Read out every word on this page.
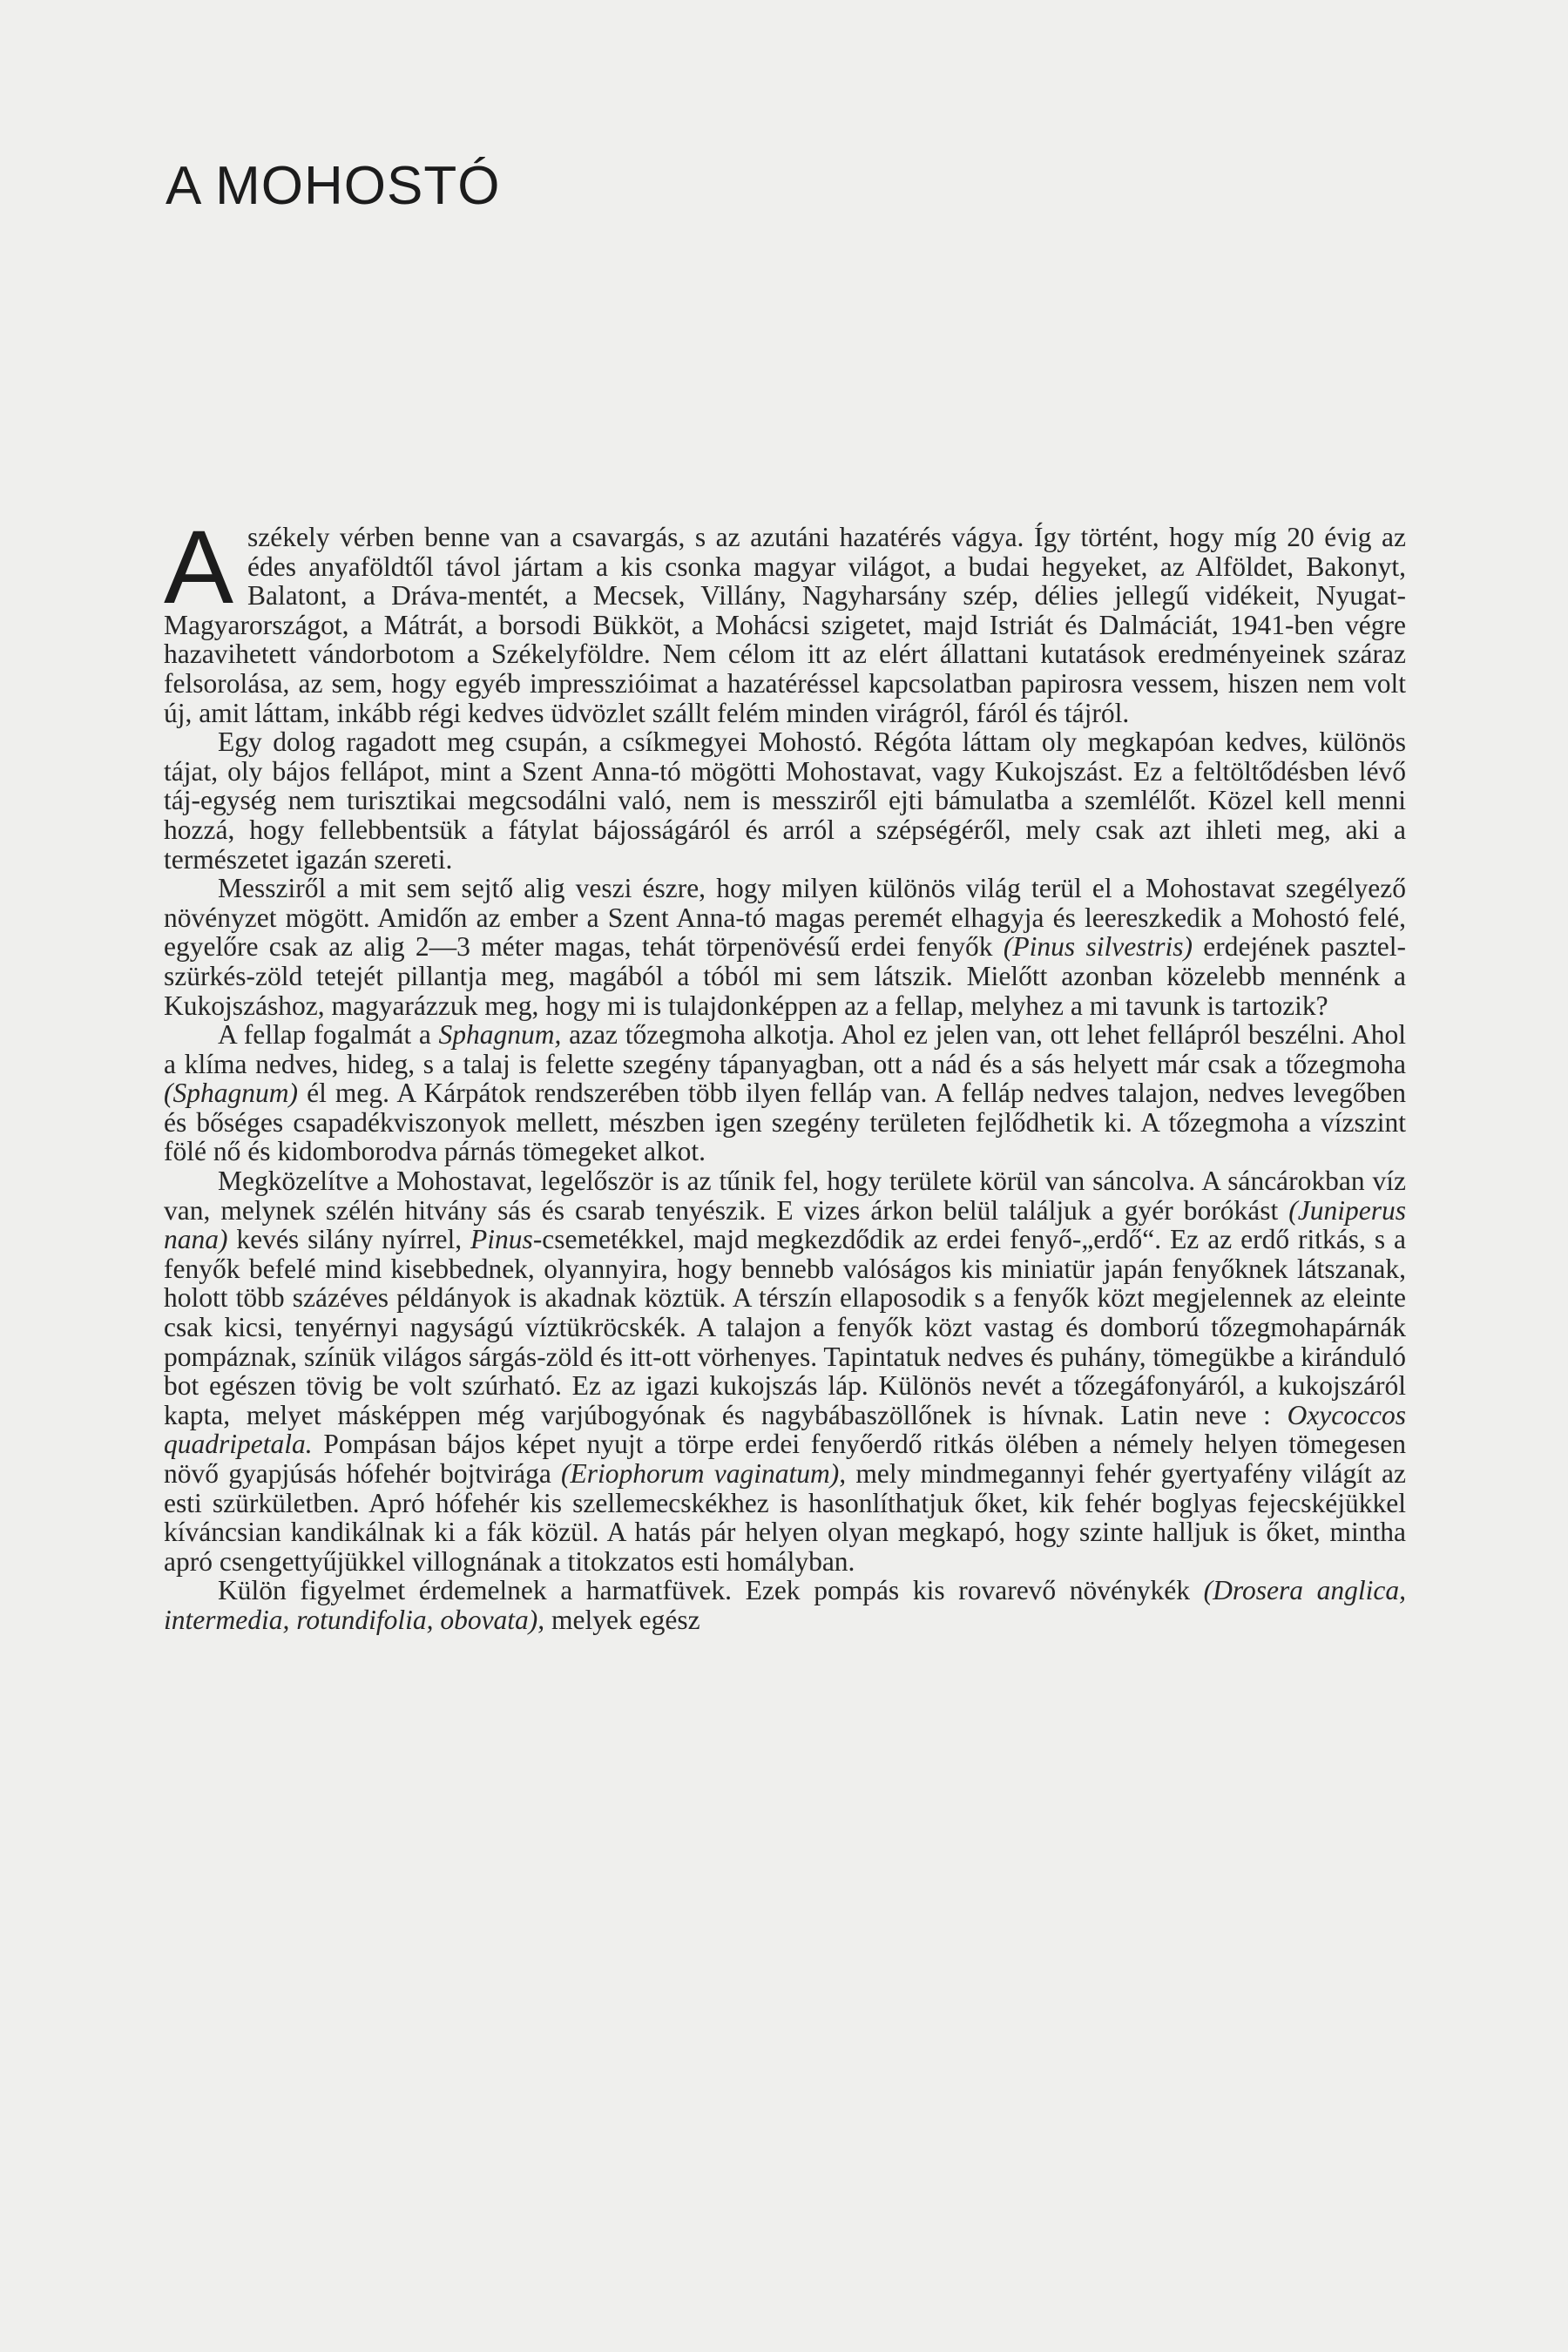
A MOHOSTÓ

A székely vérben benne van a csavargás, s az azutáni hazatérés vágya. Így történt, hogy míg 20 évig az édes anyaföldtől távol jártam a kis csonka magyar világot, a budai hegyeket, az Alföldet, Bakonyt, Balatont, a Dráva-mentét, a Mecsek, Villány, Nagyharsány szép, délies jellegű vidékeit, Nyugat-Magyarországot, a Mátrát, a borsodi Bükköt, a Mohácsi szigetet, majd Istriát és Dalmáciát, 1941-ben végre hazavihetett vándorbotom a Székelyföldre. Nem célom itt az elért állattani kutatások eredményeinek száraz felsorolása, az sem, hogy egyéb impresszióimat a hazatéréssel kapcsolatban papirosra vessem, hiszen nem volt új, amit láttam, inkább régi kedves üdvözlet szállt felém minden virágról, fáról és tájról.

Egy dolog ragadott meg csupán, a csíkmegyei Mohostó. Régóta láttam oly megkapóan kedves, különös tájat, oly bájos fellápot, mint a Szent Anna-tó mögötti Mohostavat, vagy Kukojszást. Ez a feltöltődésben lévő táj-egység nem turisztikai megcsodálni való, nem is messziről ejti bámulatba a szemlélőt. Közel kell menni hozzá, hogy fellebbentsük a fátylat bájosságáról és arról a szépségéről, mely csak azt ihleti meg, aki a természetet igazán szereti.

Messziről a mit sem sejtő alig veszi észre, hogy milyen különös világ terül el a Mohostavat szegélyező növényzet mögött. Amidőn az ember a Szent Anna-tó magas peremét elhagyja és leereszkedik a Mohostó felé, egyelőre csak az alig 2—3 méter magas, tehát törpenövésű erdei fenyők (Pinus silvestris) erdejének pasztel-szürkés-zöld tetejét pillantja meg, magából a tóból mi sem látszik. Mielőtt azonban közelebb mennénk a Kukojszáshoz, magyarázzuk meg, hogy mi is tulajdonképpen az a fellap, melyhez a mi tavunk is tartozik?

A fellap fogalmát a Sphagnum, azaz tőzegmoha alkotja. Ahol ez jelen van, ott lehet fellápról beszélni. Ahol a klíma nedves, hideg, s a talaj is felette szegény tápanyagban, ott a nád és a sás helyett már csak a tőzegmoha (Sphagnum) él meg. A Kárpátok rendszerében több ilyen felláp van. A felláp nedves talajon, nedves levegőben és bőséges csapadékviszonyok mellett, mészben igen szegény területen fejlődhetik ki. A tőzegmoha a vízszint fölé nő és kidomborodva párnás tömegeket alkot.

Megközelítve a Mohostavat, legelőször is az tűnik fel, hogy területe körül van sáncolva. A sáncárokban víz van, melynek szélén hitvány sás és csarab tenyészik. E vizes árkon belül találjuk a gyér borókást (Juniperus nana) kevés silány nyírrel, Pinus-csemetékkel, majd megkezdődik az erdei fenyő-„erdő“. Ez az erdő ritkás, s a fenyők befelé mind kisebbednek, olyannyira, hogy bennebb valóságos kis miniatür japán fenyőknek látszanak, holott több százéves példányok is akadnak köztük. A térszín ellaposodik s a fenyők közt megjelennek az eleinte csak kicsi, tenyérnyi nagyságú víztükröcskék. A talajon a fenyők közt vastag és domború tőzegmohapárnák pompáznak, színük világos sárgás-zöld és itt-ott vörhenyes. Tapintatuk nedves és puhány, tömegükbe a kiránduló bot egészen tövig be volt szúrható. Ez az igazi kukojszás láp. Különös nevét a tőzegáfonyáról, a kukojszáról kapta, melyet másképpen még varjúbogyónak és nagybábaszöllőnek is hívnak. Latin neve : Oxycoccos quadripetala. Pompásan bájos képet nyujt a törpe erdei fenyőerdő ritkás ölében a némely helyen tömegesen növő gyapjúsás hófehér bojtvirága (Eriophorum vaginatum), mely mindmegannyi fehér gyertyafény világít az esti szürkületben. Apró hófehér kis szellemecskékhez is hasonlíthatjuk őket, kik fehér boglyas fejecskéjükkel kíváncsian kandikálnak ki a fák közül. A hatás pár helyen olyan megkapó, hogy szinte halljuk is őket, mintha apró csengettyűjükkel villognának a titokzatos esti homályban.

Külön figyelmet érdemelnek a harmatfüvek. Ezek pompás kis rovarevő növénykék (Drosera anglica, intermedia, rotundifolia, obovata), melyek egész
